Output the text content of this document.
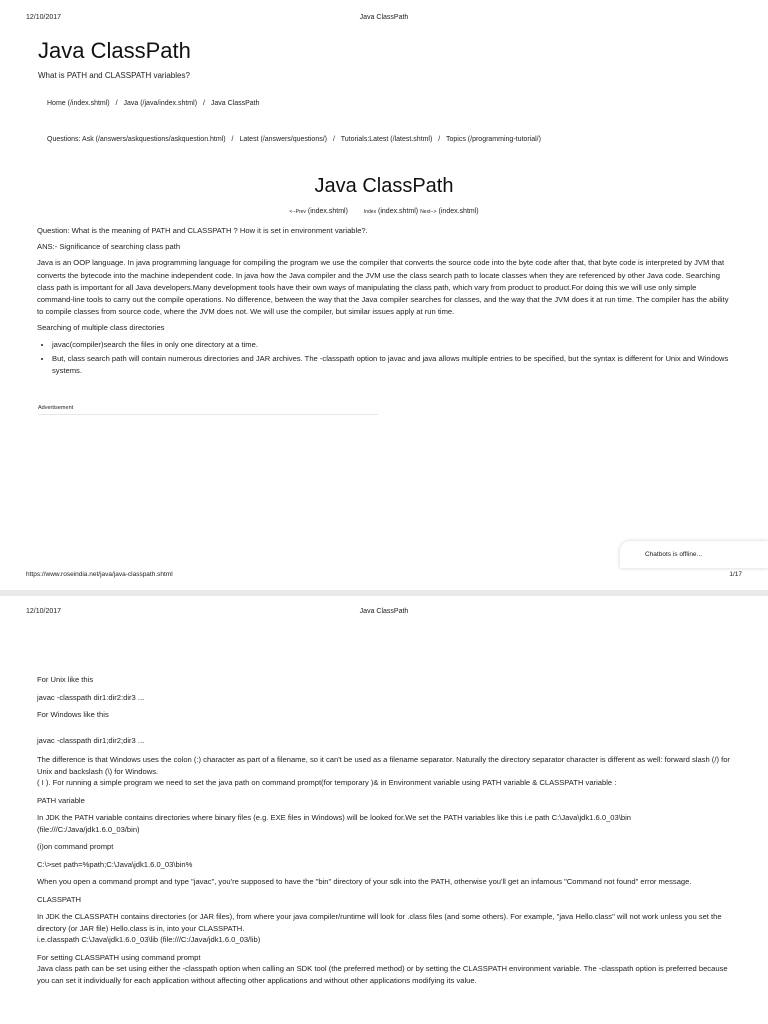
12/10/2017	Java ClassPath
Java ClassPath
What is PATH and CLASSPATH variables?
Home (/index.shtml) / Java (/java/index.shtml) / Java ClassPath
Questions: Ask (/answers/askquestions/askquestion.html) / Latest (/answers/questions/) / Tutorials:Latest (/latest.shtml) / Topics (/programming-tutorial/)
Java ClassPath
<--Prev (index.shtml)	Index (index.shtml) Next--> (index.shtml)

Question: What is the meaning of PATH and CLASSPATH ? How it is set in environment variable?.

ANS:- Significance of searching class path

Java is an OOP language. In java programming language for compiling the program we use the compiler that converts the source code into the byte code after that, that byte code is interpreted by JVM that converts the bytecode into the machine independent code. In java how the Java compiler and the JVM use the class search path to locate classes when they are referenced by other Java code. Searching class path is important for all Java developers.Many development tools have their own ways of manipulating the class path, which vary from product to product.For doing this we will use only simple command-line tools to carry out the compile operations. No difference, between the way that the Java compiler searches for classes, and the way that the JVM does it at run time. The compiler has the ability to compile classes from source code, where the JVM does not. We will use the compiler, but similar issues apply at run time.

Searching of multiple class directories

• javac(compiler)search the files in only one directory at a time.
• But, class search path will contain numerous directories and JAR archives. The -classpath option to javac and java allows multiple entries to be specified, but the syntax is different for Unix and Windows systems.
Advertisement
Chatbots is offline...
https://www.roseindia.net/java/java-classpath.shtml	1/17
12/10/2017	Java ClassPath

For Unix like this

javac -classpath dir1:dir2:dir3 ...

For Windows like this

javac -classpath dir1;dir2;dir3 ...

The difference is that Windows uses the colon (:) character as part of a filename, so it can't be used as a filename separator. Naturally the directory separator character is different as well: forward slash (/) for Unix and backslash (\) for Windows.
( I ). For running a simple program we need to set the java path on command prompt(for temporary )& in Environment variable using PATH variable & CLASSPATH variable :

PATH variable

In JDK the PATH variable contains directories where binary files (e.g. EXE files in Windows) will be looked for.We set the PATH variables like this i.e path C:\Java\jdk1.6.0_03\bin (file:///C:/Java/jdk1.6.0_03/bin)

(i)on command prompt

C:\>set path=%path;C:\Java\jdk1.6.0_03\bin%

When you open a command prompt and type "javac", you're supposed to have the "bin" directory of your sdk into the PATH, otherwise you'll get an infamous "Command not found" error message.

CLASSPATH

In JDK the CLASSPATH contains directories (or JAR files), from where your java compiler/runtime will look for .class files (and some others). For example, "java Hello.class" will not work unless you set the directory (or JAR file) Hello.class is in, into your CLASSPATH.
i.e.classpath C:\Java\jdk1.6.0_03\lib (file:///C:/Java/jdk1.6.0_03/lib)

For setting CLASSPATH using command prompt
Java class path can be set using either the -classpath option when calling an SDK tool (the preferred method) or by setting the CLASSPATH environment variable. The -classpath option is preferred because you can set it individually for each application without affecting other applications and without other applications modifying its value.
